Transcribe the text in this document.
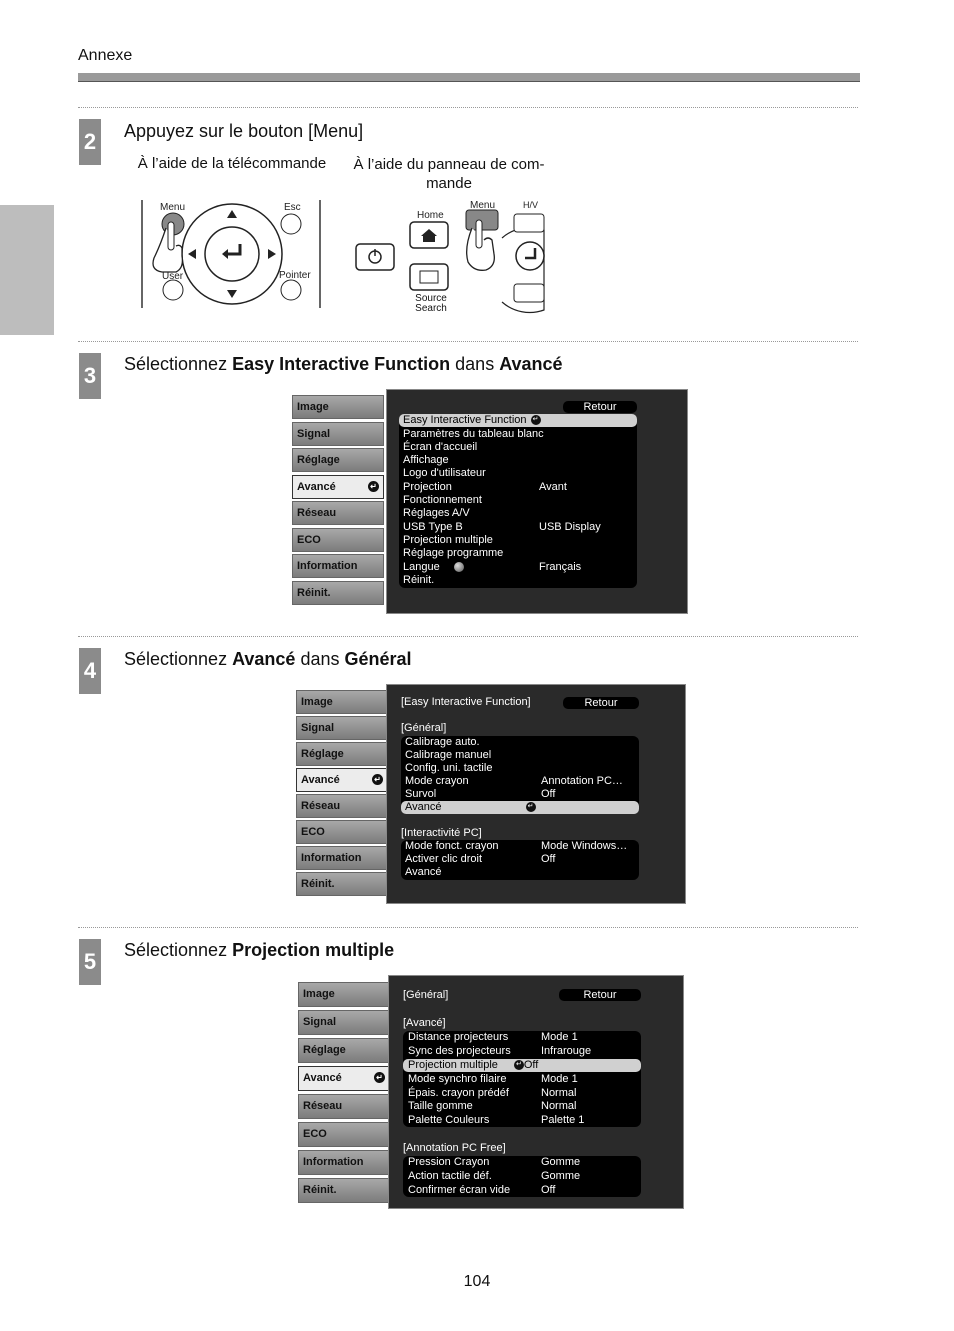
Annexe
2 Appuyez sur le bouton [Menu]
À l’aide de la télécommande	À l’aide du panneau de com-
mande
Menu	Esc
User	Pointer
Home
Menu	H/V
Source
Search
3 Sélectionnez Easy Interactive Function dans Avancé
Image
Signal
Réglage
Avancé	↵
Réseau
ECO
Information
Réinit.
Retour
Easy Interactive Function ↵
Paramètres du tableau blanc
Écran d'accueil
Affichage
Logo d'utilisateur
Projection	Avant
Fonctionnement
Réglages A/V
USB Type B	USB Display
Projection multiple
Réglage programme
Langue	Français
Réinit.
4 Sélectionnez Avancé dans Général
Image
Signal
Réglage
Avancé	↵
Réseau
ECO
Information
Réinit.
[Easy Interactive Function]	Retour
[Général]
Calibrage auto.
Calibrage manuel
Config. uni. tactile
Mode crayon	Annotation PC…
Survol	Off
Avancé	↵
[Interactivité PC]
Mode fonct. crayon	Mode Windows…
Activer clic droit	Off
Avancé
5 Sélectionnez Projection multiple
Image
Signal
Réglage
Avancé	↵
Réseau
ECO
Information
Réinit.
[Général]	Retour
[Avancé]
Distance projecteurs	Mode 1
Sync des projecteurs	Infrarouge
Projection multiple	↵ Off
Mode synchro filaire	Mode 1
Épais. crayon prédéf	Normal
Taille gomme	Normal
Palette Couleurs	Palette 1
[Annotation PC Free]
Pression Crayon	Gomme
Action tactile déf.	Gomme
Confirmer écran vide	Off
104
